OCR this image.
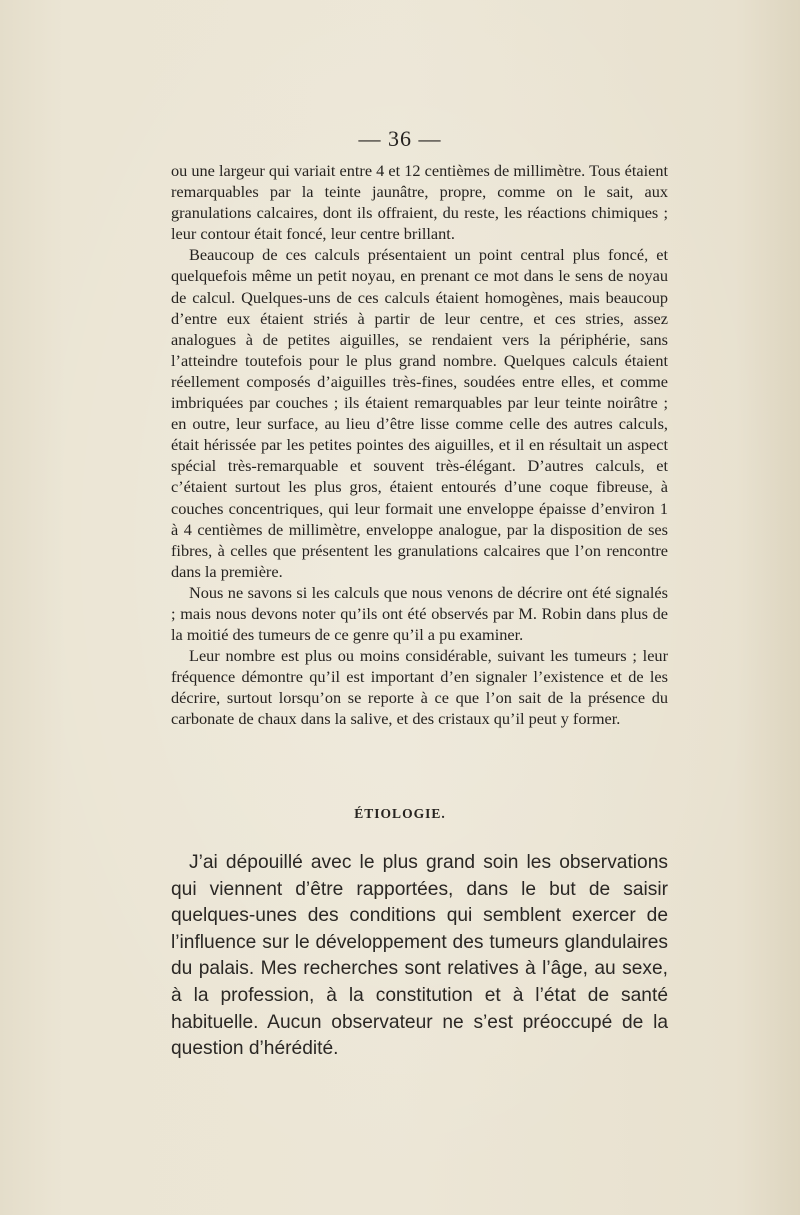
— 36 —

ou une largeur qui variait entre 4 et 12 centièmes de millimètre. Tous étaient remarquables par la teinte jaunâtre, propre, comme on le sait, aux granulations calcaires, dont ils offraient, du reste, les réactions chimiques ; leur contour était foncé, leur centre brillant.

Beaucoup de ces calculs présentaient un point central plus foncé, et quelquefois même un petit noyau, en prenant ce mot dans le sens de noyau de calcul. Quelques-uns de ces calculs étaient homogènes, mais beaucoup d’entre eux étaient striés à partir de leur centre, et ces stries, assez analogues à de petites aiguilles, se rendaient vers la périphérie, sans l’atteindre toutefois pour le plus grand nombre. Quelques calculs étaient réellement composés d’aiguilles très-fines, soudées entre elles, et comme imbriquées par couches ; ils étaient remarquables par leur teinte noirâtre ; en outre, leur surface, au lieu d’être lisse comme celle des autres calculs, était hérissée par les petites pointes des aiguilles, et il en résultait un aspect spécial très-remarquable et souvent très-élégant. D’autres calculs, et c’étaient surtout les plus gros, étaient entourés d’une coque fibreuse, à couches concentriques, qui leur formait une enveloppe épaisse d’environ 1 à 4 centièmes de millimètre, enveloppe analogue, par la disposition de ses fibres, à celles que présentent les granulations calcaires que l’on rencontre dans la première.

Nous ne savons si les calculs que nous venons de décrire ont été signalés ; mais nous devons noter qu’ils ont été observés par M. Robin dans plus de la moitié des tumeurs de ce genre qu’il a pu examiner.

Leur nombre est plus ou moins considérable, suivant les tumeurs ; leur fréquence démontre qu’il est important d’en signaler l’existence et de les décrire, surtout lorsqu’on se reporte à ce que l’on sait de la présence du carbonate de chaux dans la salive, et des cristaux qu’il peut y former.

ÉTIOLOGIE.

J’ai dépouillé avec le plus grand soin les observations qui viennent d’être rapportées, dans le but de saisir quelques-unes des conditions qui semblent exercer de l’influence sur le développement des tumeurs glandulaires du palais. Mes recherches sont relatives à l’âge, au sexe, à la profession, à la constitution et à l’état de santé habituelle. Aucun observateur ne s’est préoccupé de la question d’hérédité.
